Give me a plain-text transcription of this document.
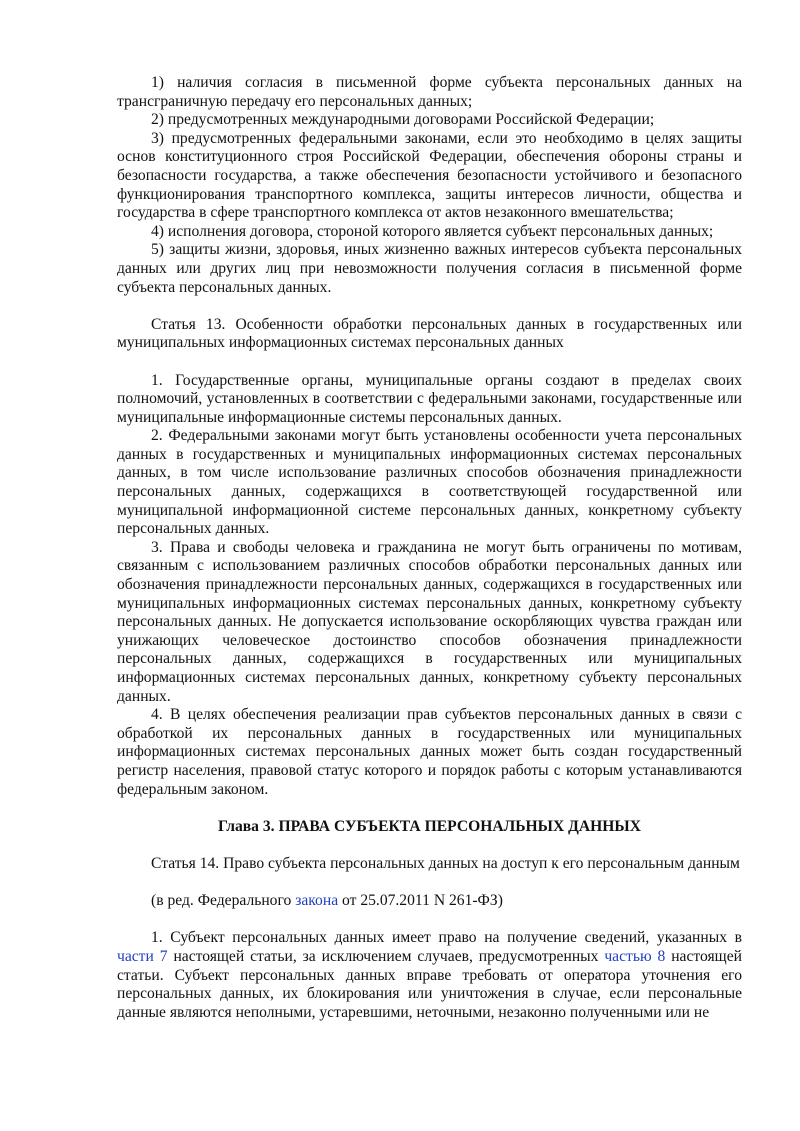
1) наличия согласия в письменной форме субъекта персональных данных на трансграничную передачу его персональных данных;

2) предусмотренных международными договорами Российской Федерации;

3) предусмотренных федеральными законами, если это необходимо в целях защиты основ конституционного строя Российской Федерации, обеспечения обороны страны и безопасности государства, а также обеспечения безопасности устойчивого и безопасного функционирования транспортного комплекса, защиты интересов личности, общества и государства в сфере транспортного комплекса от актов незаконного вмешательства;

4) исполнения договора, стороной которого является субъект персональных данных;

5) защиты жизни, здоровья, иных жизненно важных интересов субъекта персональных данных или других лиц при невозможности получения согласия в письменной форме субъекта персональных данных.

Статья 13. Особенности обработки персональных данных в государственных или муниципальных информационных системах персональных данных

1. Государственные органы, муниципальные органы создают в пределах своих полномочий, установленных в соответствии с федеральными законами, государственные или муниципальные информационные системы персональных данных.

2. Федеральными законами могут быть установлены особенности учета персональных данных в государственных и муниципальных информационных системах персональных данных, в том числе использование различных способов обозначения принадлежности персональных данных, содержащихся в соответствующей государственной или муниципальной информационной системе персональных данных, конкретному субъекту персональных данных.

3. Права и свободы человека и гражданина не могут быть ограничены по мотивам, связанным с использованием различных способов обработки персональных данных или обозначения принадлежности персональных данных, содержащихся в государственных или муниципальных информационных системах персональных данных, конкретному субъекту персональных данных. Не допускается использование оскорбляющих чувства граждан или унижающих человеческое достоинство способов обозначения принадлежности персональных данных, содержащихся в государственных или муниципальных информационных системах персональных данных, конкретному субъекту персональных данных.

4. В целях обеспечения реализации прав субъектов персональных данных в связи с обработкой их персональных данных в государственных или муниципальных информационных системах персональных данных может быть создан государственный регистр населения, правовой статус которого и порядок работы с которым устанавливаются федеральным законом.

Глава 3. ПРАВА СУБЪЕКТА ПЕРСОНАЛЬНЫХ ДАННЫХ

Статья 14. Право субъекта персональных данных на доступ к его персональным данным

(в ред. Федерального закона от 25.07.2011 N 261-ФЗ)

1. Субъект персональных данных имеет право на получение сведений, указанных в части 7 настоящей статьи, за исключением случаев, предусмотренных частью 8 настоящей статьи. Субъект персональных данных вправе требовать от оператора уточнения его персональных данных, их блокирования или уничтожения в случае, если персональные данные являются неполными, устаревшими, неточными, незаконно полученными или не
